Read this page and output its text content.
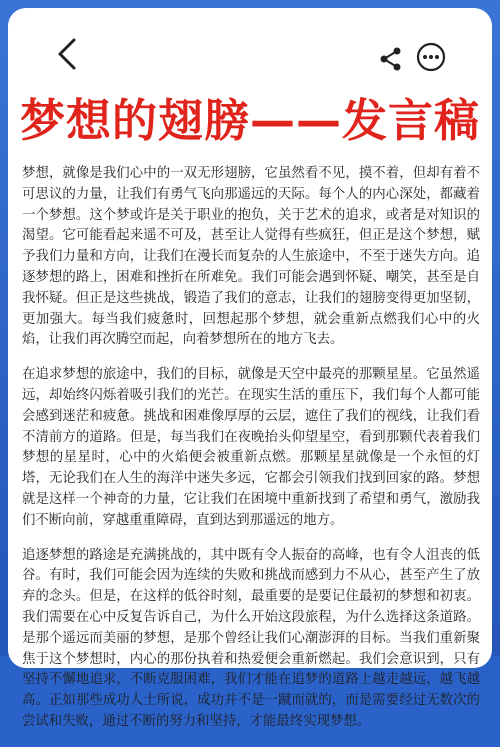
梦想的翅膀——发言稿

梦想，就像是我们心中的一双无形翅膀，它虽然看不见，摸不着，但却有着不可思议的力量，让我们有勇气飞向那遥远的天际。每个人的内心深处，都藏着一个梦想。这个梦或许是关于职业的抱负，关于艺术的追求，或者是对知识的渴望。它可能看起来遥不可及，甚至让人觉得有些疯狂，但正是这个梦想，赋予我们力量和方向，让我们在漫长而复杂的人生旅途中，不至于迷失方向。追逐梦想的路上，困难和挫折在所难免。我们可能会遇到怀疑、嘲笑，甚至是自我怀疑。但正是这些挑战，锻造了我们的意志，让我们的翅膀变得更加坚韧，更加强大。每当我们疲惫时，回想起那个梦想，就会重新点燃我们心中的火焰，让我们再次腾空而起，向着梦想所在的地方飞去。

在追求梦想的旅途中，我们的目标，就像是天空中最亮的那颗星星。它虽然遥远，却始终闪烁着吸引我们的光芒。在现实生活的重压下，我们每个人都可能会感到迷茫和疲惫。挑战和困难像厚厚的云层，遮住了我们的视线，让我们看不清前方的道路。但是，每当我们在夜晚抬头仰望星空，看到那颗代表着我们梦想的星星时，心中的火焰便会被重新点燃。那颗星星就像是一个永恒的灯塔，无论我们在人生的海洋中迷失多远，它都会引领我们找到回家的路。梦想就是这样一个神奇的力量，它让我们在困境中重新找到了希望和勇气，激励我们不断向前，穿越重重障碍，直到达到那遥远的地方。

追逐梦想的路途是充满挑战的，其中既有令人振奋的高峰，也有令人沮丧的低谷。有时，我们可能会因为连续的失败和挑战而感到力不从心，甚至产生了放弃的念头。但是，在这样的低谷时刻，最重要的是要记住最初的梦想和初衷。我们需要在心中反复告诉自己，为什么开始这段旅程，为什么选择这条道路。是那个遥远而美丽的梦想，是那个曾经让我们心潮澎湃的目标。当我们重新聚焦于这个梦想时，内心的那份执着和热爱便会重新燃起。我们会意识到，只有坚持不懈地追求，不断克服困难，我们才能在追梦的道路上越走越远，越飞越高。正如那些成功人士所说，成功并不是一蹴而就的，而是需要经过无数次的尝试和失败，通过不断的努力和坚持，才能最终实现梦想。
